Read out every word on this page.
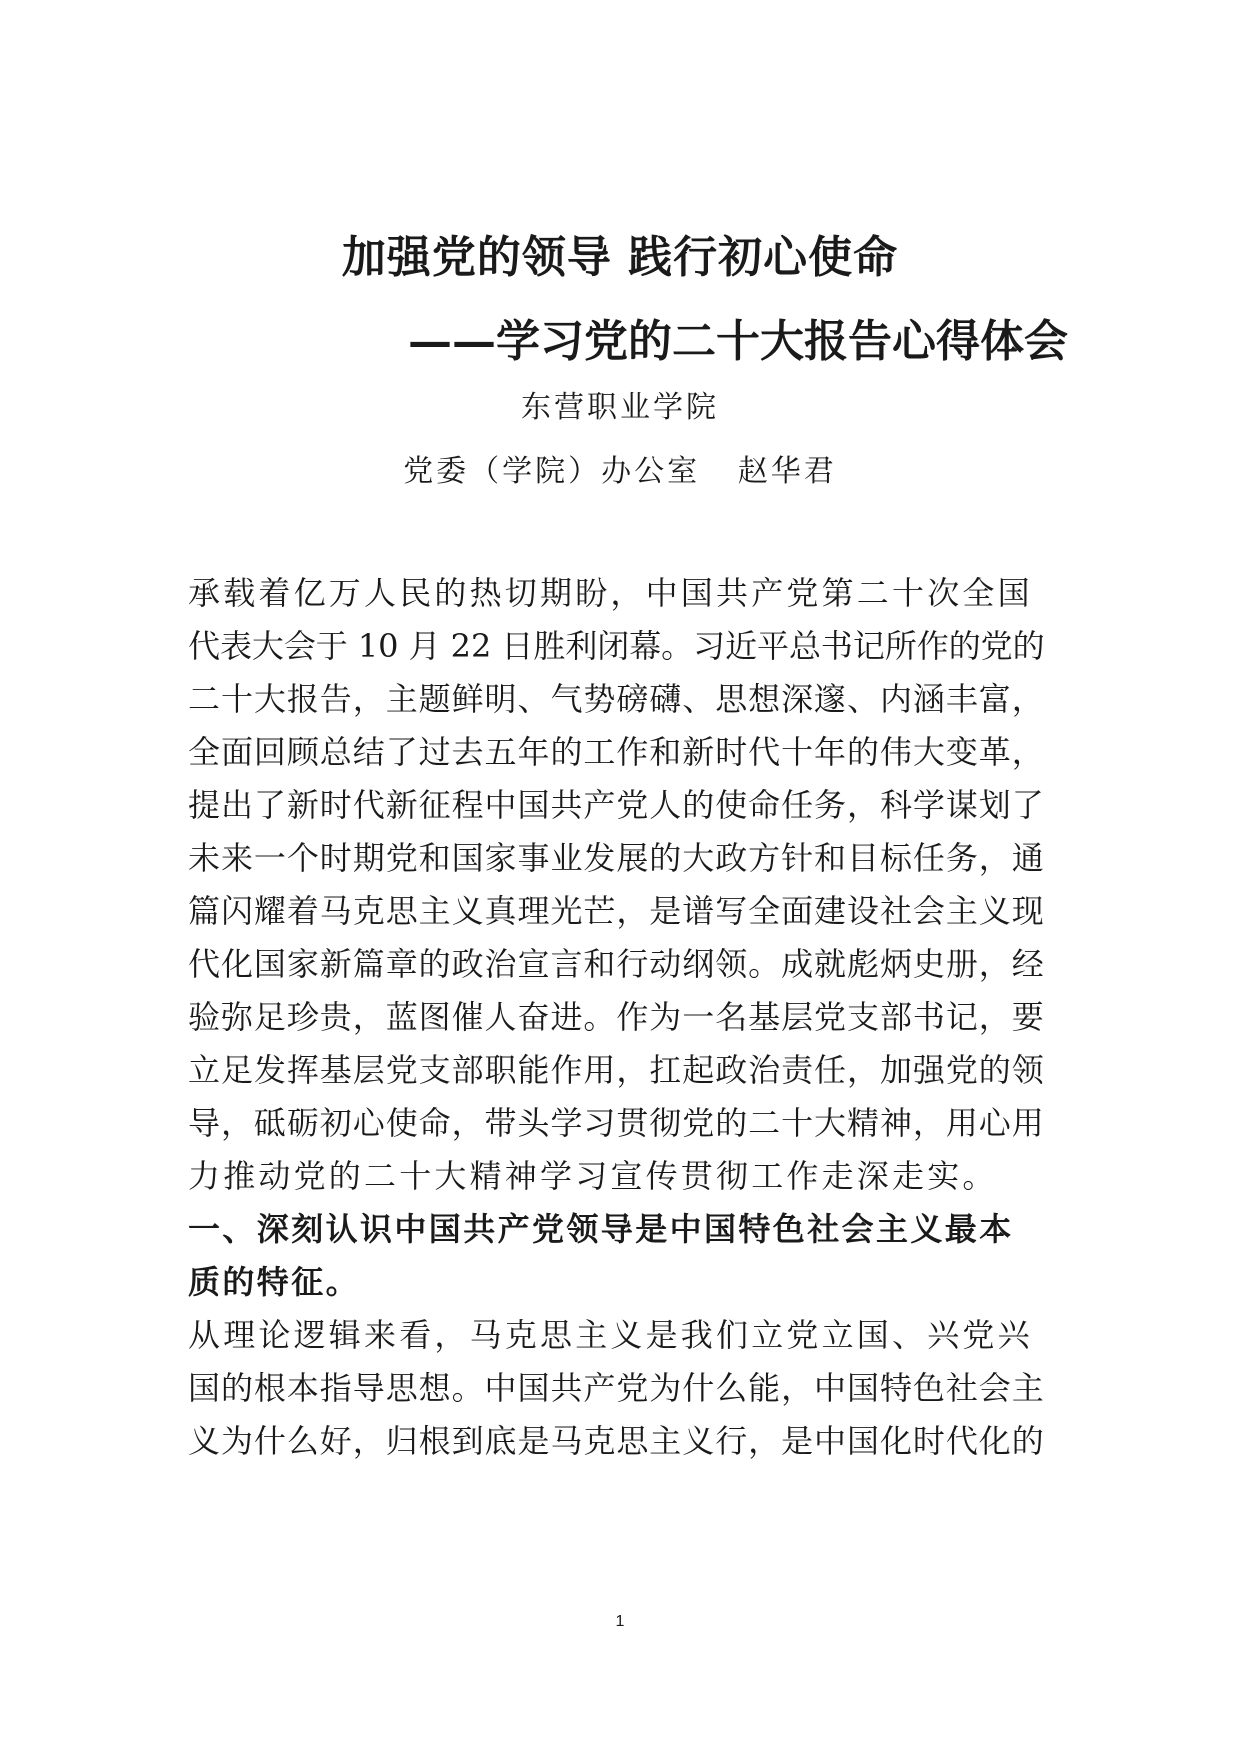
加强党的领导 践行初心使命
——学习党的二十大报告心得体会
东营职业学院
党委（学院）办公室   赵华君
承载着亿万人民的热切期盼，中国共产党第二十次全国
代表大会于 10 月 22 日胜利闭幕。习近平总书记所作的党的
二十大报告，主题鲜明、气势磅礴、思想深邃、内涵丰富，
全面回顾总结了过去五年的工作和新时代十年的伟大变革，
提出了新时代新征程中国共产党人的使命任务，科学谋划了
未来一个时期党和国家事业发展的大政方针和目标任务，通
篇闪耀着马克思主义真理光芒，是谱写全面建设社会主义现
代化国家新篇章的政治宣言和行动纲领。成就彪炳史册，经
验弥足珍贵，蓝图催人奋进。作为一名基层党支部书记，要
立足发挥基层党支部职能作用，扛起政治责任，加强党的领
导，砥砺初心使命，带头学习贯彻党的二十大精神，用心用
力推动党的二十大精神学习宣传贯彻工作走深走实。
一、深刻认识中国共产党领导是中国特色社会主义最本
质的特征。
从理论逻辑来看，马克思主义是我们立党立国、兴党兴
国的根本指导思想。中国共产党为什么能，中国特色社会主
义为什么好，归根到底是马克思主义行，是中国化时代化的
1
